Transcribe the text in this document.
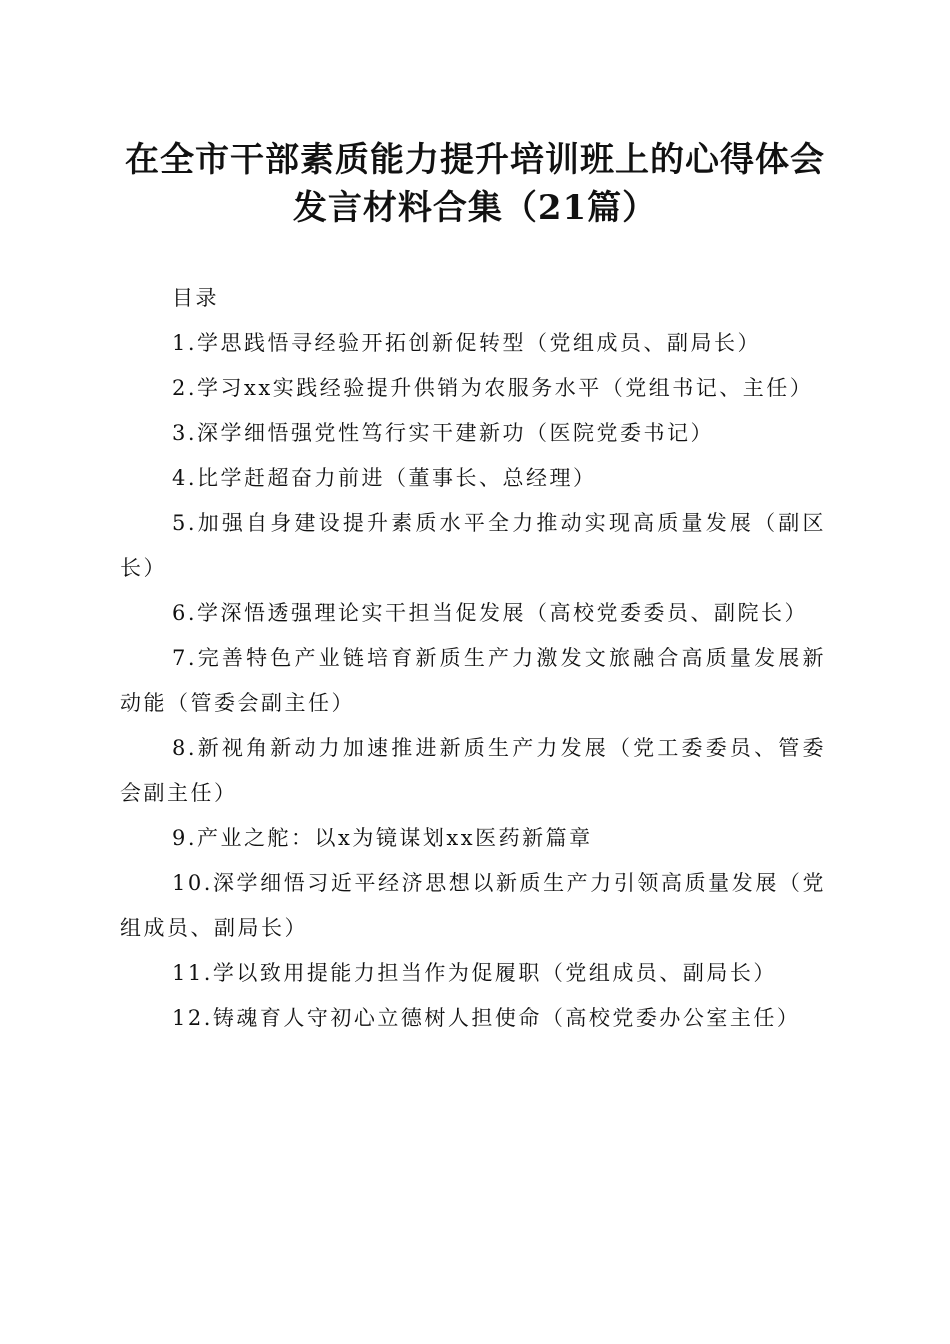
在全市干部素质能力提升培训班上的心得体会
发言材料合集（21篇）

目录

1.学思践悟寻经验开拓创新促转型（党组成员、副局长）

2.学习xx实践经验提升供销为农服务水平（党组书记、主任）

3.深学细悟强党性笃行实干建新功（医院党委书记）

4.比学赶超奋力前进（董事长、总经理）

5.加强自身建设提升素质水平全力推动实现高质量发展（副区长）

6.学深悟透强理论实干担当促发展（高校党委委员、副院长）

7.完善特色产业链培育新质生产力激发文旅融合高质量发展新动能（管委会副主任）

8.新视角新动力加速推进新质生产力发展（党工委委员、管委会副主任）

9.产业之舵：以x为镜谋划xx医药新篇章

10.深学细悟习近平经济思想以新质生产力引领高质量发展（党组成员、副局长）

11.学以致用提能力担当作为促履职（党组成员、副局长）

12.铸魂育人守初心立德树人担使命（高校党委办公室主任）
